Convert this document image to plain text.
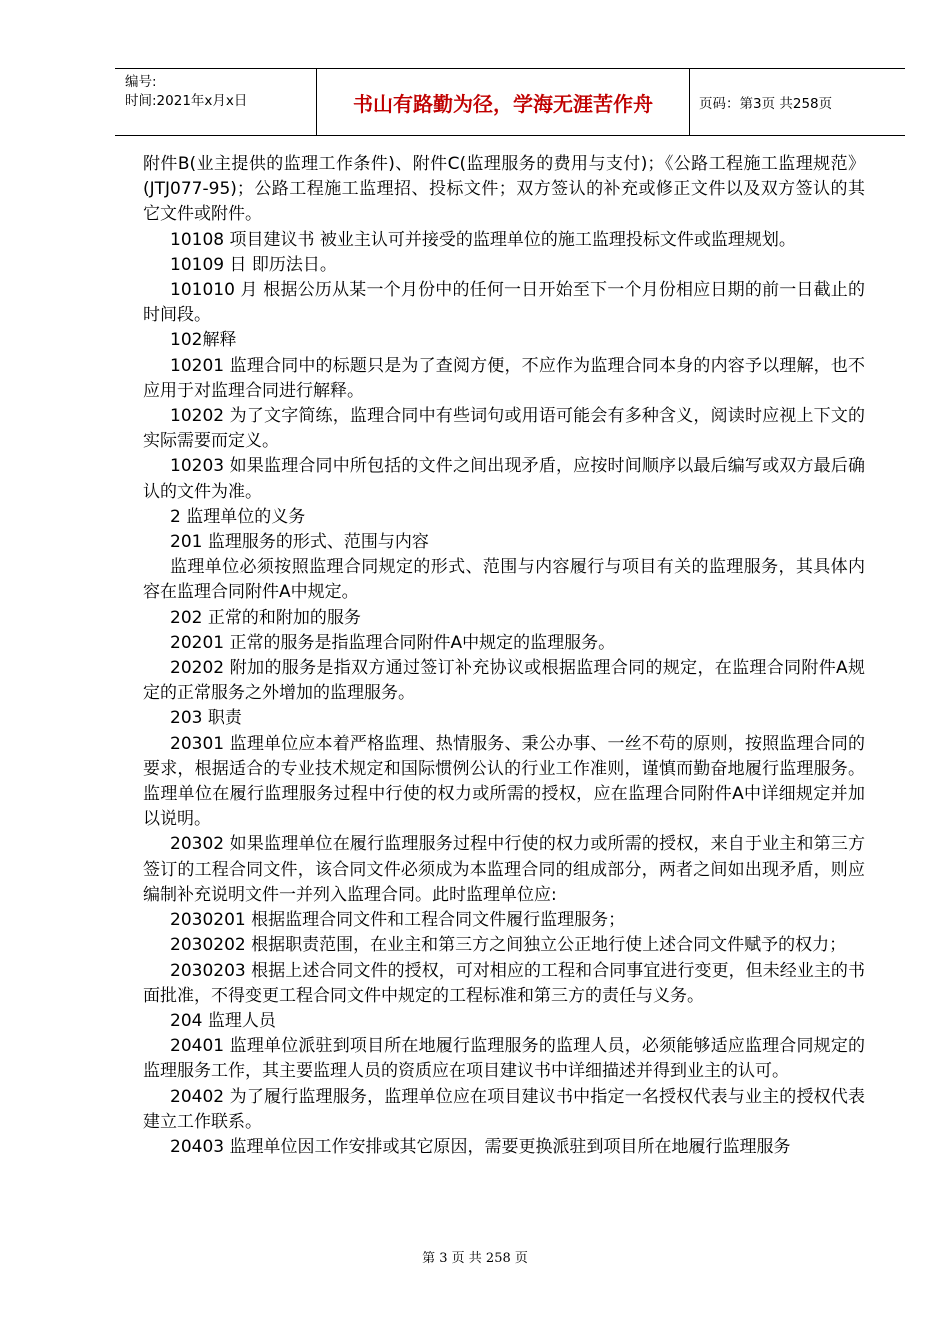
编号:
时间:2021年x月x日	书山有路勤为径，学海无涯苦作舟	页码：第3页 共258页

附件B(业主提供的监理工作条件)、附件C(监理服务的费用与支付)；《公路工程施工监理规范》(JTJ077-95)；公路工程施工监理招、投标文件；双方签认的补充或修正文件以及双方签认的其它文件或附件。

10108 项目建议书 被业主认可并接受的监理单位的施工监理投标文件或监理规划。

10109 日 即历法日。

101010 月 根据公历从某一个月份中的任何一日开始至下一个月份相应日期的前一日截止的时间段。

102解释

10201 监理合同中的标题只是为了查阅方便，不应作为监理合同本身的内容予以理解，也不应用于对监理合同进行解释。

10202 为了文字简练，监理合同中有些词句或用语可能会有多种含义，阅读时应视上下文的实际需要而定义。

10203 如果监理合同中所包括的文件之间出现矛盾，应按时间顺序以最后编写或双方最后确认的文件为准。

2 监理单位的义务

201 监理服务的形式、范围与内容

监理单位必须按照监理合同规定的形式、范围与内容履行与项目有关的监理服务，其具体内容在监理合同附件A中规定。

202 正常的和附加的服务

20201 正常的服务是指监理合同附件A中规定的监理服务。

20202 附加的服务是指双方通过签订补充协议或根据监理合同的规定，在监理合同附件A规定的正常服务之外增加的监理服务。

203 职责

20301 监理单位应本着严格监理、热情服务、秉公办事、一丝不苟的原则，按照监理合同的要求，根据适合的专业技术规定和国际惯例公认的行业工作准则，谨慎而勤奋地履行监理服务。监理单位在履行监理服务过程中行使的权力或所需的授权，应在监理合同附件A中详细规定并加以说明。

20302 如果监理单位在履行监理服务过程中行使的权力或所需的授权，来自于业主和第三方签订的工程合同文件，该合同文件必须成为本监理合同的组成部分，两者之间如出现矛盾，则应编制补充说明文件一并列入监理合同。此时监理单位应:

2030201 根据监理合同文件和工程合同文件履行监理服务；

2030202 根据职责范围，在业主和第三方之间独立公正地行使上述合同文件赋予的权力；

2030203 根据上述合同文件的授权，可对相应的工程和合同事宜进行变更，但未经业主的书面批准，不得变更工程合同文件中规定的工程标准和第三方的责任与义务。

204 监理人员

20401 监理单位派驻到项目所在地履行监理服务的监理人员，必须能够适应监理合同规定的监理服务工作，其主要监理人员的资质应在项目建议书中详细描述并得到业主的认可。

20402 为了履行监理服务，监理单位应在项目建议书中指定一名授权代表与业主的授权代表建立工作联系。

20403 监理单位因工作安排或其它原因，需要更换派驻到项目所在地履行监理服务

第 3 页 共 258 页
